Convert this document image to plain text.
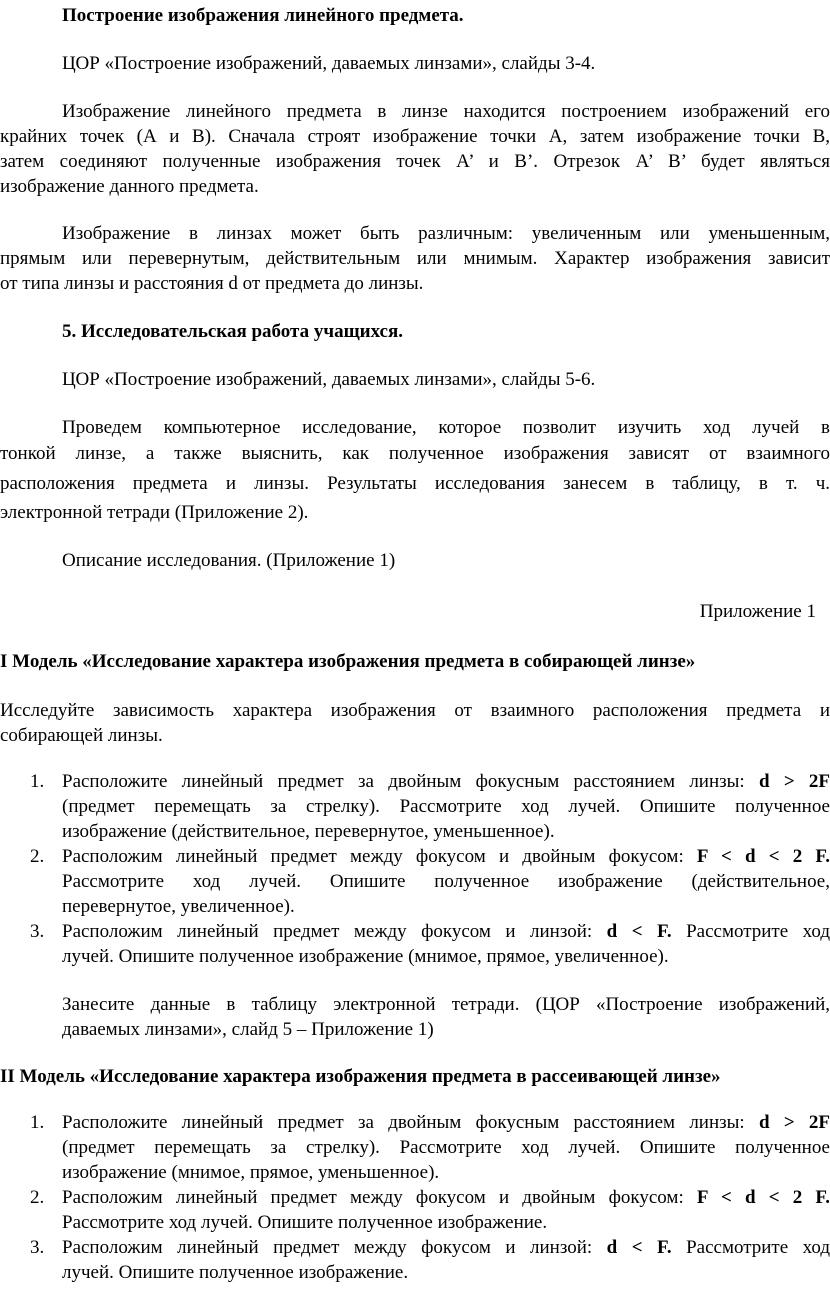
Построение изображения линейного предмета.

ЦОР «Построение изображений, даваемых линзами», слайды 3-4.

Изображение линейного предмета в линзе находится построением изображений его

крайних точек (А и В). Сначала строят изображение точки А, затем изображение точки В,

затем соединяют полученные изображения точек А’ и В’. Отрезок А’ В’ будет являться

изображение данного предмета.

Изображение в линзах может быть различным: увеличенным или уменьшенным,

прямым или перевернутым, действительным или мнимым. Характер изображения зависит

от типа линзы и расстояния d от предмета до линзы.

5. Исследовательская работа учащихся.

ЦОР «Построение изображений, даваемых линзами», слайды 5-6.

Проведем компьютерное исследование, которое позволит изучить ход лучей в

тонкой линзе, а также выяснить, как полученное изображения зависят от взаимного

расположения предмета и линзы. Результаты исследования занесем в таблицу, в т. ч.

электронной тетради (Приложение 2).

Описание исследования. (Приложение 1)

Приложение 1

I Модель «Исследование характера изображения предмета в собирающей линзе»

Исследуйте зависимость характера изображения от взаимного расположения предмета и

собирающей линзы.

1. Расположите линейный предмет за двойным фокусным расстоянием линзы: d > 2F

(предмет перемещать за стрелку). Рассмотрите ход лучей. Опишите полученное

изображение (действительное, перевернутое, уменьшенное).

2. Расположим линейный предмет между фокусом и двойным фокусом: F < d < 2 F.

Рассмотрите ход лучей. Опишите полученное изображение (действительное,

перевернутое, увеличенное).

3. Расположим линейный предмет между фокусом и линзой: d < F. Рассмотрите ход

лучей. Опишите полученное изображение (мнимое, прямое, увеличенное).

Занесите данные в таблицу электронной тетради. (ЦОР «Построение изображений,

даваемых линзами», слайд 5 – Приложение 1)

II Модель «Исследование характера изображения предмета в рассеивающей линзе»

1. Расположите линейный предмет за двойным фокусным расстоянием линзы: d > 2F

(предмет перемещать за стрелку). Рассмотрите ход лучей. Опишите полученное

изображение (мнимое, прямое, уменьшенное).

2. Расположим линейный предмет между фокусом и двойным фокусом: F < d < 2 F.

Рассмотрите ход лучей. Опишите полученное изображение.

3. Расположим линейный предмет между фокусом и линзой: d < F. Рассмотрите ход

лучей. Опишите полученное изображение.
